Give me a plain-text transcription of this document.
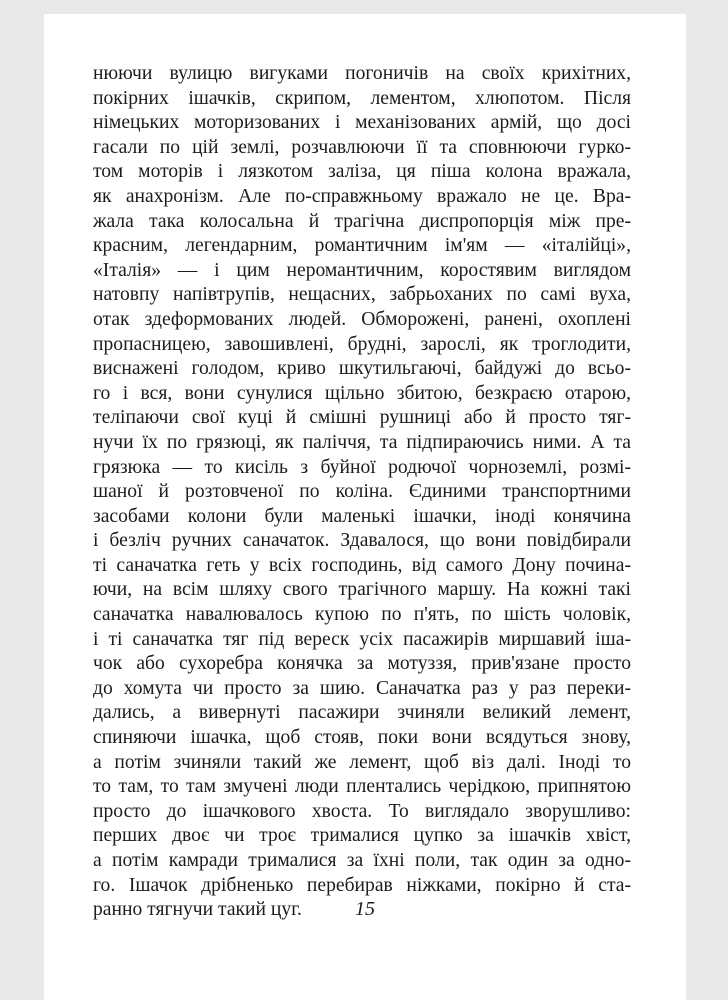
нюючи вулицю вигуками погоничів на своїх крихітних,
покірних ішачків, скрипом, лементом, хлюпотом. Після
німецьких моторизованих і механізованих армій, що досі
гасали по цій землі, розчавлюючи її та сповнюючи гурко-
том моторів і лязкотом заліза, ця піша колона вражала,
як анахронізм. Але по-справжньому вражало не це. Вра-
жала така колосальна й трагічна диспропорція між пре-
красним, легендарним, романтичним ім'ям — «італійці»,
«Італія» — і цим неромантичним, коростявим виглядом
натовпу напівтрупів, нещасних, забрьоханих по самі вуха,
отак здеформованих людей. Обморожені, ранені, охоплені
пропасницею, завошивлені, брудні, зарослі, як троглодити,
виснажені голодом, криво шкутильгаючі, байдужі до всьо-
го і вся, вони сунулися щільно збитою, безкраєю отарою,
теліпаючи свої куці й смішні рушниці або й просто тяг-
нучи їх по грязюці, як паліччя, та підпираючись ними. А та
грязюка — то кисіль з буйної родючої чорноземлі, розмі-
шаної й розтовченої по коліна. Єдиними транспортними
засобами колони були маленькі ішачки, іноді конячина
і безліч ручних саначаток. Здавалося, що вони повідбирали
ті саначатка геть у всіх господинь, від самого Дону почина-
ючи, на всім шляху свого трагічного маршу. На кожні такі
саначатка навалювалось купою по п'ять, по шість чоловік,
і ті саначатка тяг під вереск усіх пасажирів миршавий іша-
чок або сухоребра конячка за мотуззя, прив'язане просто
до хомута чи просто за шию. Саначатка раз у раз переки-
дались, а вивернуті пасажири зчиняли великий лемент,
спиняючи ішачка, щоб стояв, поки вони всядуться знову,
а потім зчиняли такий же лемент, щоб віз далі. Іноді то
то там, то там змучені люди плентались черідкою, припнятою
просто до ішачкового хвоста. То виглядало зворушливо:
перших двоє чи троє трималися цупко за ішачків хвіст,
а потім камради трималися за їхні поли, так один за одно-
го. Ішачок дрібненько перебирав ніжками, покірно й ста-
ранно тягнучи такий цуг.	15
